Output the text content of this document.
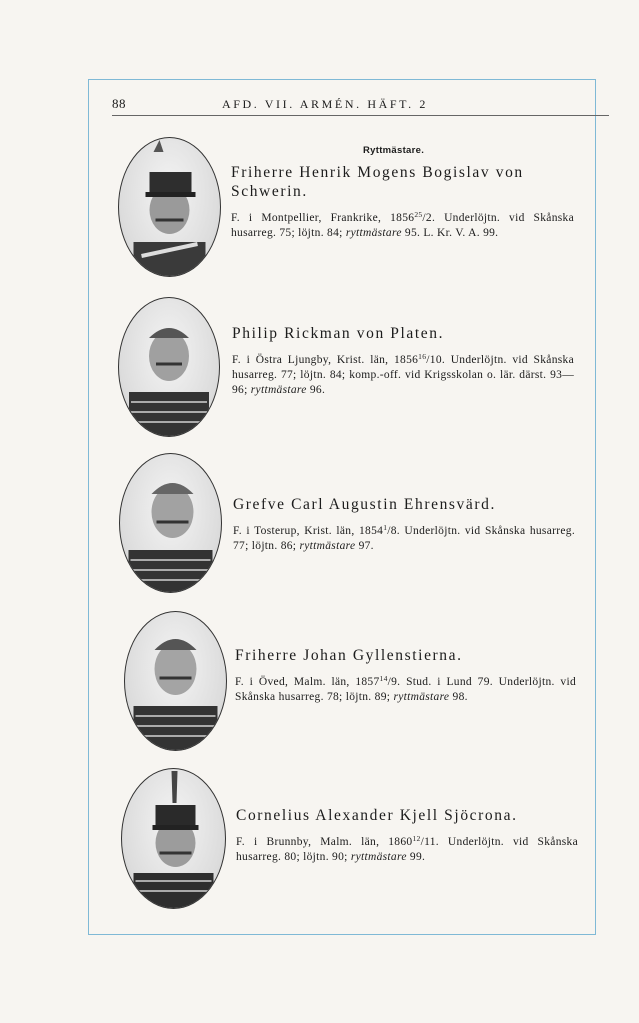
88	AFD. VII. ARMÉN. HÄFT. 2
Ryttmästare.
Friherre Henrik Mogens Bogislav von Schwerin.
F. i Montpellier, Frankrike, 1856$^{25}$/2. Underlöjtn. vid Skånska husarreg. 75; löjtn. 84; ryttmästare 95. L. Kr. V. A. 99.
Philip Rickman von Platen.
F. i Östra Ljungby, Krist. län, 1856$^{16}$/10. Underlöjtn. vid Skånska husarreg. 77; löjtn. 84; komp.-off. vid Krigsskolan o. lär. därst. 93—96; ryttmästare 96.
Grefve Carl Augustin Ehrensvärd.
F. i Tosterup, Krist. län, 1854$^1$/8. Underlöjtn. vid Skånska husarreg. 77; löjtn. 86; ryttmästare 97.
Friherre Johan Gyllenstierna.
F. i Öved, Malm. län, 1857$^{14}$/9. Stud. i Lund 79. Underlöjtn. vid Skånska husarreg. 78; löjtn. 89; ryttmästare 98.
Cornelius Alexander Kjell Sjöcrona.
F. i Brunnby, Malm. län, 1860$^{12}$/11. Underlöjtn. vid Skånska husarreg. 80; löjtn. 90; ryttmästare 99.
